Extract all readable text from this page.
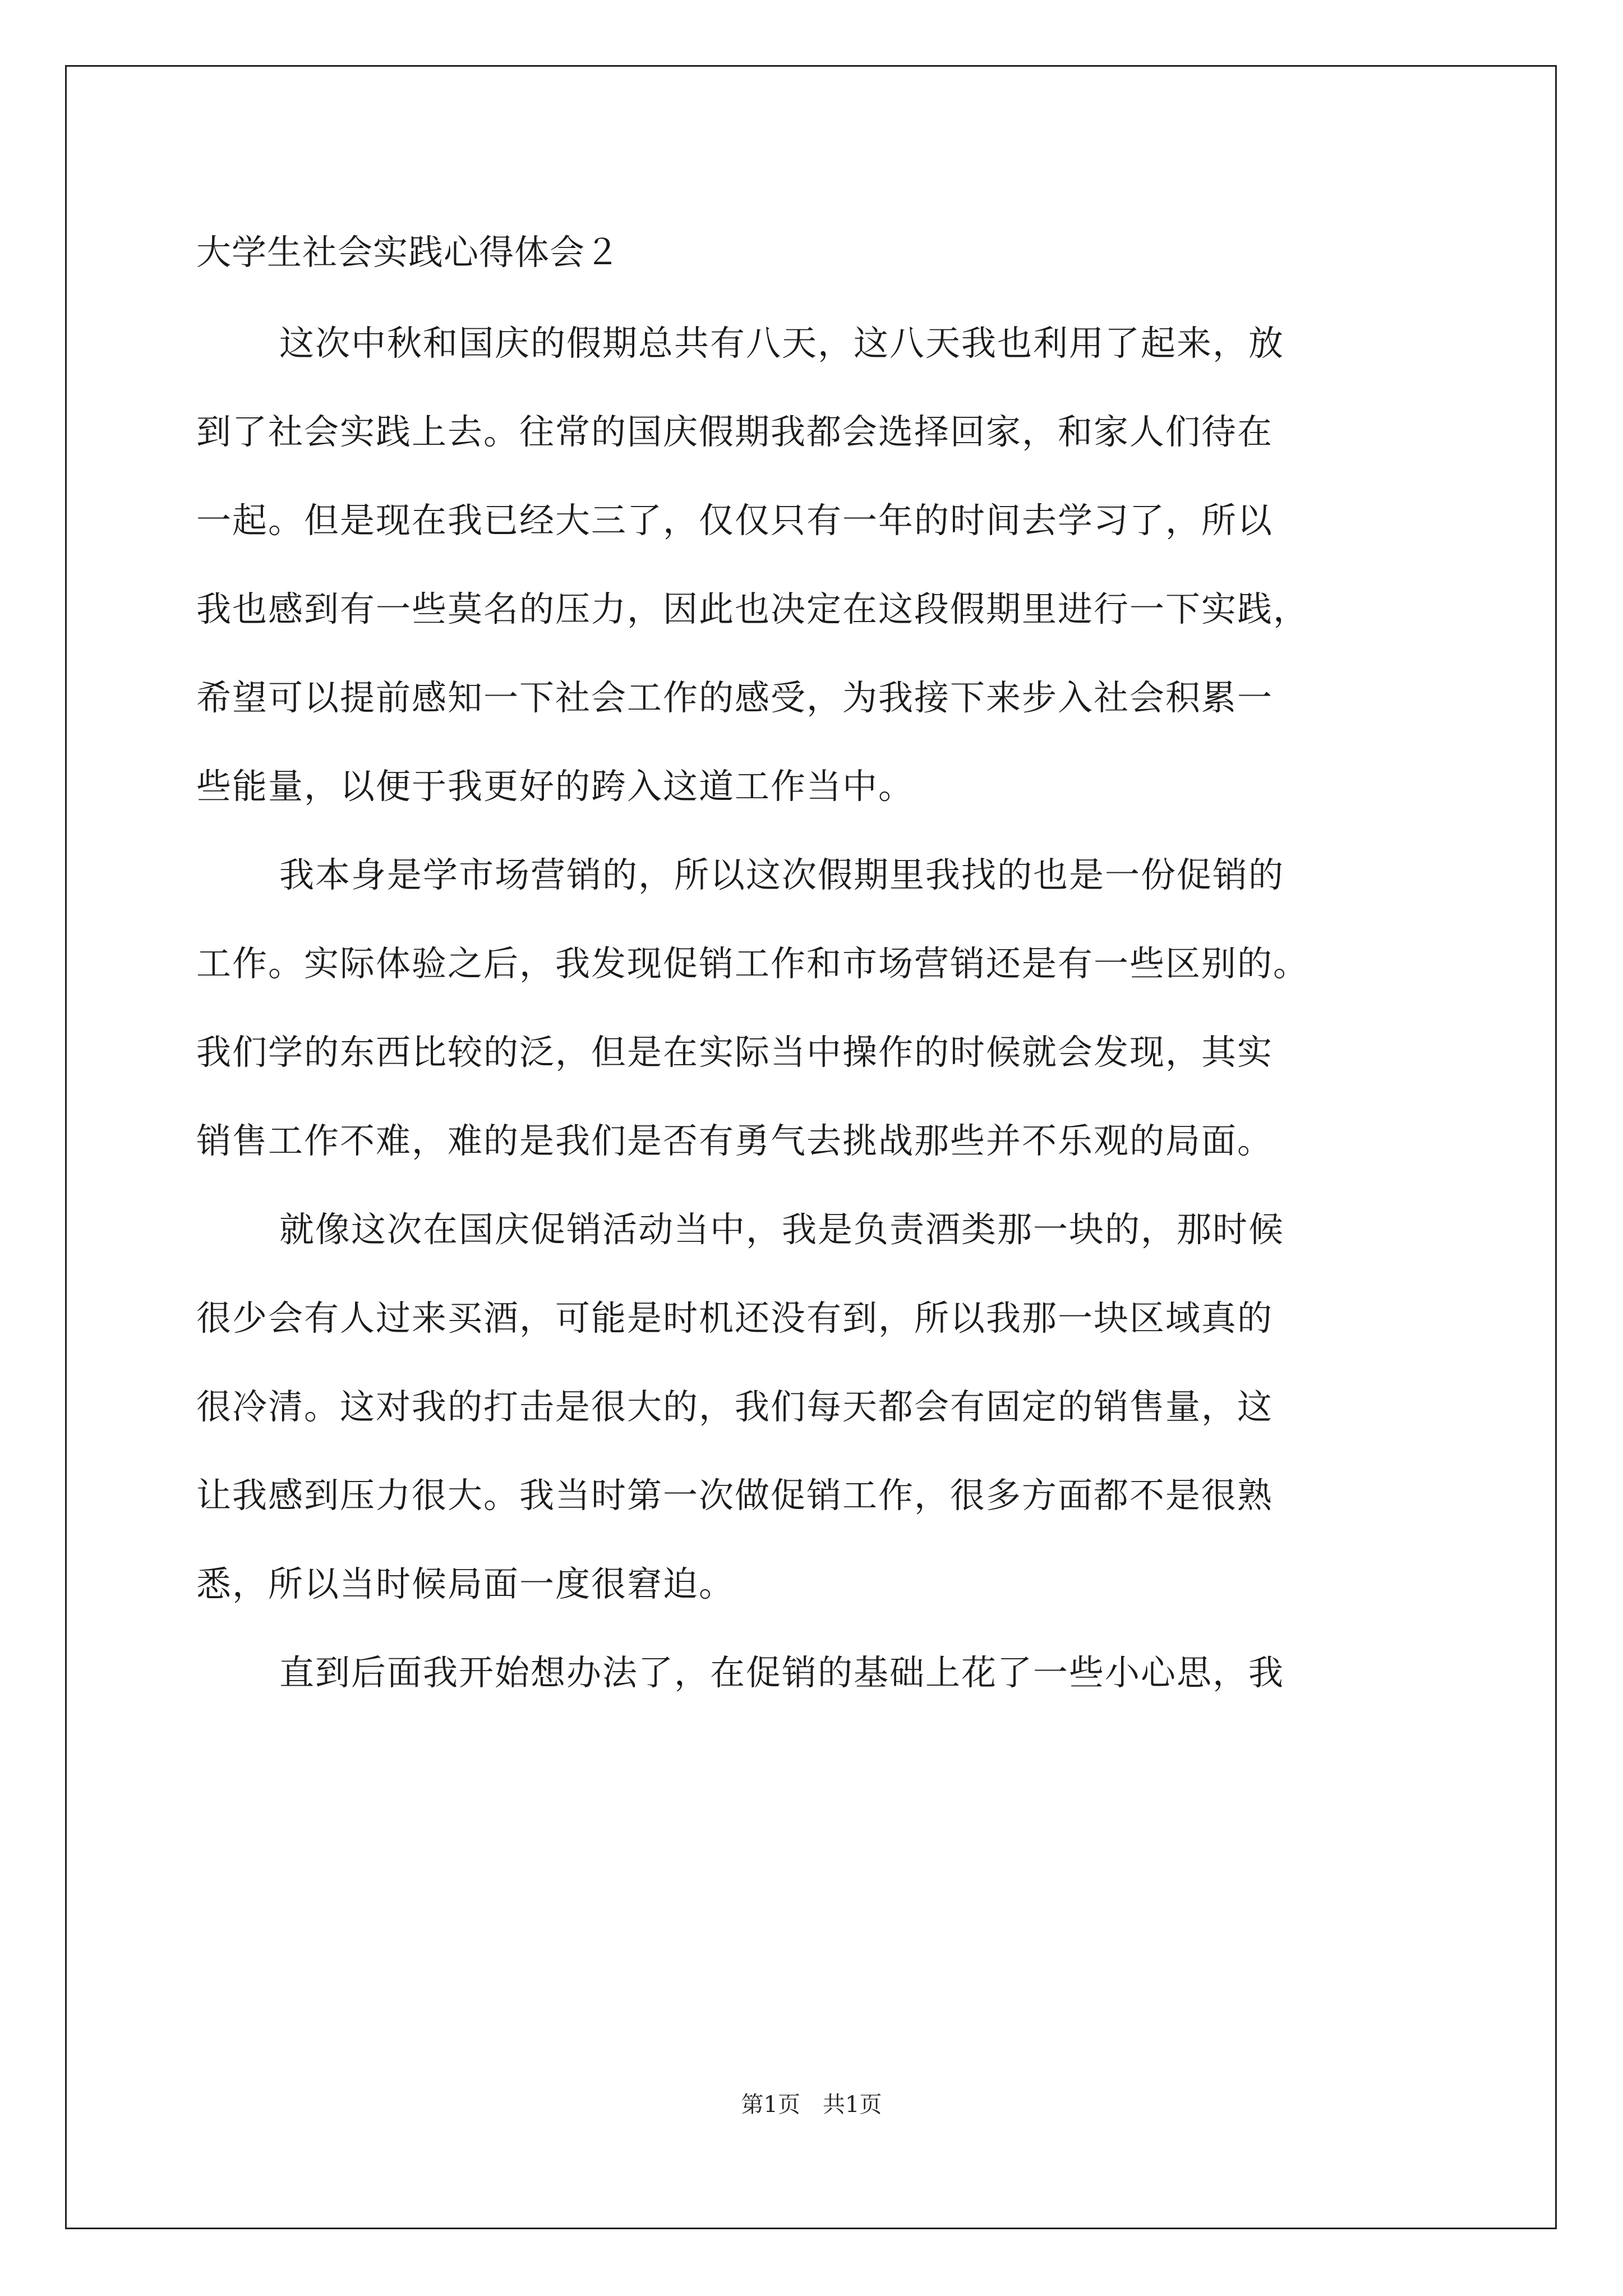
大学生社会实践心得体会２
这次中秋和国庆的假期总共有八天，这八天我也利用了起来，放
到了社会实践上去。往常的国庆假期我都会选择回家，和家人们待在
一起。但是现在我已经大三了，仅仅只有一年的时间去学习了，所以
我也感到有一些莫名的压力，因此也决定在这段假期里进行一下实践，
希望可以提前感知一下社会工作的感受，为我接下来步入社会积累一
些能量，以便于我更好的跨入这道工作当中。
我本身是学市场营销的，所以这次假期里我找的也是一份促销的
工作。实际体验之后，我发现促销工作和市场营销还是有一些区别的。
我们学的东西比较的泛，但是在实际当中操作的时候就会发现，其实
销售工作不难，难的是我们是否有勇气去挑战那些并不乐观的局面。
就像这次在国庆促销活动当中，我是负责酒类那一块的，那时候
很少会有人过来买酒，可能是时机还没有到，所以我那一块区域真的
很冷清。这对我的打击是很大的，我们每天都会有固定的销售量，这
让我感到压力很大。我当时第一次做促销工作，很多方面都不是很熟
悉，所以当时候局面一度很窘迫。
直到后面我开始想办法了，在促销的基础上花了一些小心思，我
第1页　共1页
